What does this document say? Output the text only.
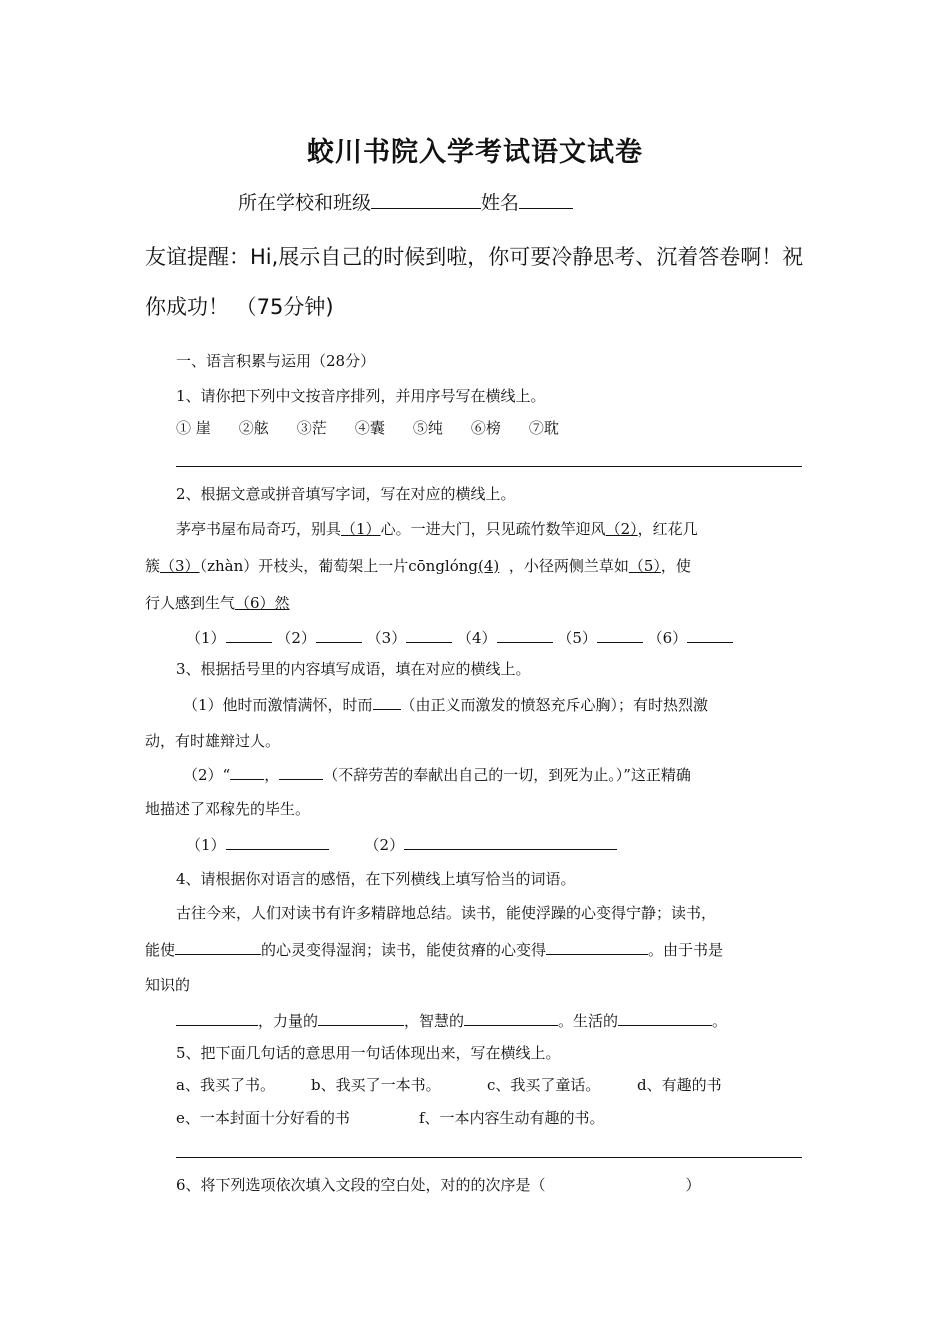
蛟川书院入学考试语文试卷
所在学校和班级	姓名
友谊提醒：Hi,展示自己的时候到啦，你可要冷静思考、沉着答卷啊！祝你成功！ （75分钟)
一、语言积累与运用（28分）
1、请你把下列中文按音序排列，并用序号写在横线上。
① 崖 ②舷 ③茫 ④囊 ⑤纯 ⑥榜 ⑦耽
2、根据文意或拼音填写字词，写在对应的横线上。
茅亭书屋布局奇巧，别具（1）心。一进大门，只见疏竹数竿迎风（2），红花几
簇（3）（zhàn）开枝头，葡萄架上一片cōnglóng(4) ，小径两侧兰草如（5），使
行人感到生气（6）然
（1）	（2）	（3）	（4）	（5）	（6）
3、根据括号里的内容填写成语，填在对应的横线上。
（1）他时而激情满怀，时而 （由正义而激发的愤怒充斥心胸）；有时热烈激
动，有时雄辩过人。
（2）“ ，	（不辞劳苦的奉献出自己的一切，到死为止。）”这正精确
地描述了邓稼先的毕生。
（1）	（2）
4、请根据你对语言的感悟，在下列横线上填写恰当的词语。
古往今来，人们对读书有许多精辟地总结。读书，能使浮躁的心变得宁静；读书，
能使	的心灵变得湿润；读书，能使贫瘠的心变得	。由于书是
知识的
，力量的	，智慧的	。生活的	。
5、把下面几句话的意思用一句话体现出来，写在横线上。
a、我买了书。 b、我买了一本书。	c、我买了童话。 d、有趣的书
e、一本封面十分好看的书	f、一本内容生动有趣的书。
6、将下列选项依次填入文段的空白处，对的的次序是（	）
